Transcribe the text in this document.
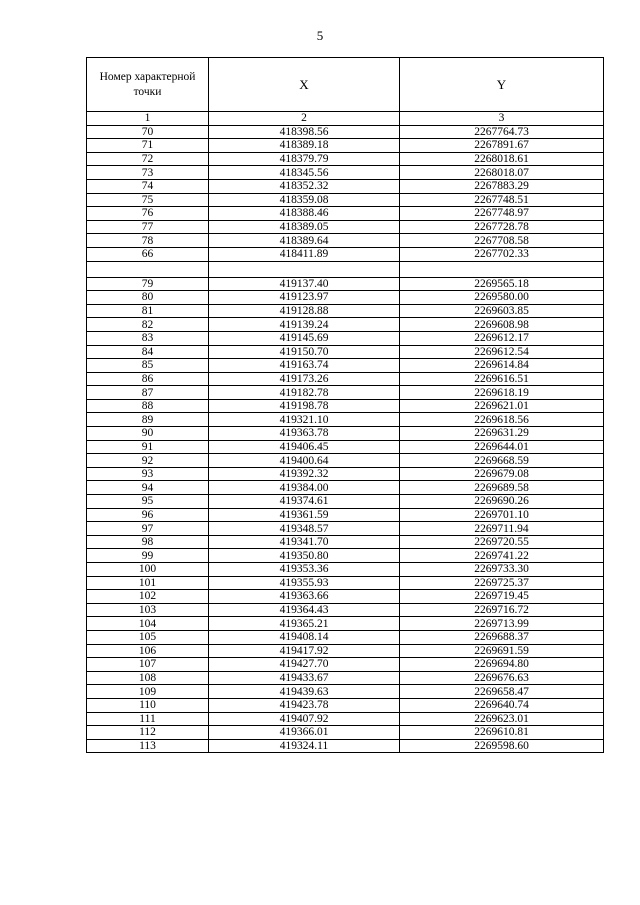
5
Номер характерной точки	X	Y
1	2	3
70	418398.56	2267764.73
71	418389.18	2267891.67
72	418379.79	2268018.61
73	418345.56	2268018.07
74	418352.32	2267883.29
75	418359.08	2267748.51
76	418388.46	2267748.97
77	418389.05	2267728.78
78	418389.64	2267708.58
66	418411.89	2267702.33

79	419137.40	2269565.18
80	419123.97	2269580.00
81	419128.88	2269603.85
82	419139.24	2269608.98
83	419145.69	2269612.17
84	419150.70	2269612.54
85	419163.74	2269614.84
86	419173.26	2269616.51
87	419182.78	2269618.19
88	419198.78	2269621.01
89	419321.10	2269618.56
90	419363.78	2269631.29
91	419406.45	2269644.01
92	419400.64	2269668.59
93	419392.32	2269679.08
94	419384.00	2269689.58
95	419374.61	2269690.26
96	419361.59	2269701.10
97	419348.57	2269711.94
98	419341.70	2269720.55
99	419350.80	2269741.22
100	419353.36	2269733.30
101	419355.93	2269725.37
102	419363.66	2269719.45
103	419364.43	2269716.72
104	419365.21	2269713.99
105	419408.14	2269688.37
106	419417.92	2269691.59
107	419427.70	2269694.80
108	419433.67	2269676.63
109	419439.63	2269658.47
110	419423.78	2269640.74
111	419407.92	2269623.01
112	419366.01	2269610.81
113	419324.11	2269598.60
